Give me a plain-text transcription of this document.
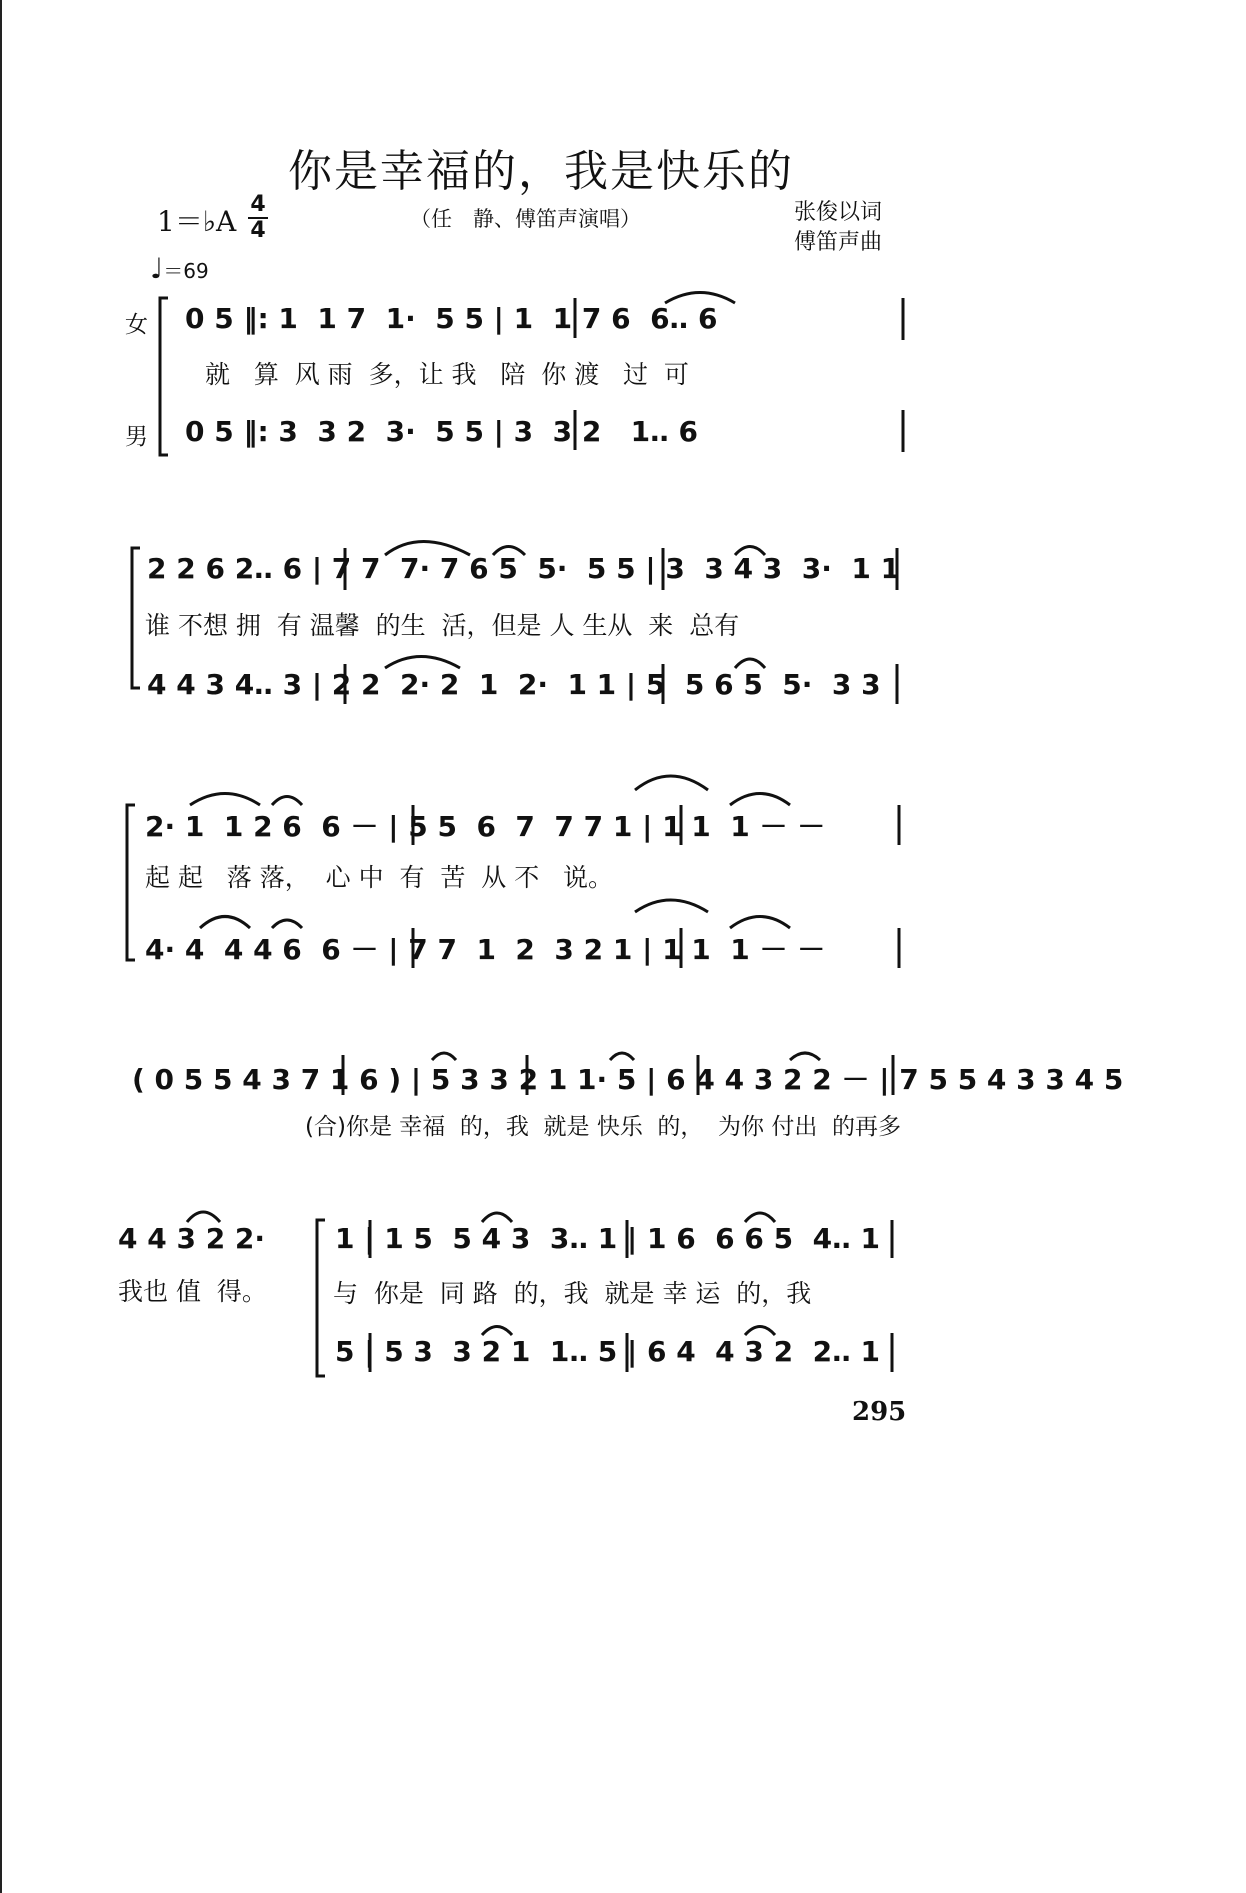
你是幸福的，我是快乐的
（任　静、傅笛声演唱）	张俊以词
傅笛声曲
1＝♭A
4
4
♩＝69
女
男
0 5 ‖: 1  1 7  1·  5 5 | 1  1 7 6  6‥ 6
就   算  风 雨  多，让 我   陪  你 渡   过  可
0 5 ‖: 3  3 2  3·  5 5 | 3  3 2   1‥ 6
2 2 6 2‥ 6 | 7 7  7· 7 6 5  5·  5 5 | 3  3 4 3  3·  1 1
谁 不想 拥  有 温馨  的生  活，但是 人 生从  来  总有
4 4 3 4‥ 3 | 2 2  2· 2  1  2·  1 1 | 5  5 6 5  5·  3 3
2· 1  1 2 6  6 － | 5 5  6  7  7 7 1 | 1 1  1 － －
起 起   落 落，  心 中  有  苦  从 不   说。
4· 4  4 4 6  6 － | 7 7  1  2  3 2 1 | 1 1  1 － －
( 0 5 5 4 3 7 1 6 ) | 5 3 3 2 1 1· 5 | 6 4 4 3 2 2 － | 7 5 5 4 3 3 4 5
(合)你是 幸福  的，我  就是 快乐  的，  为你 付出  的再多
4 4 3 2 2·
我也 值  得。
1 | 1 5  5 4 3  3‥ 1 | 1 6  6 6 5  4‥ 1
与  你是  同 路  的，我  就是 幸 运  的，我
5 | 5 3  3 2 1  1‥ 5 | 6 4  4 3 2  2‥ 1
295
